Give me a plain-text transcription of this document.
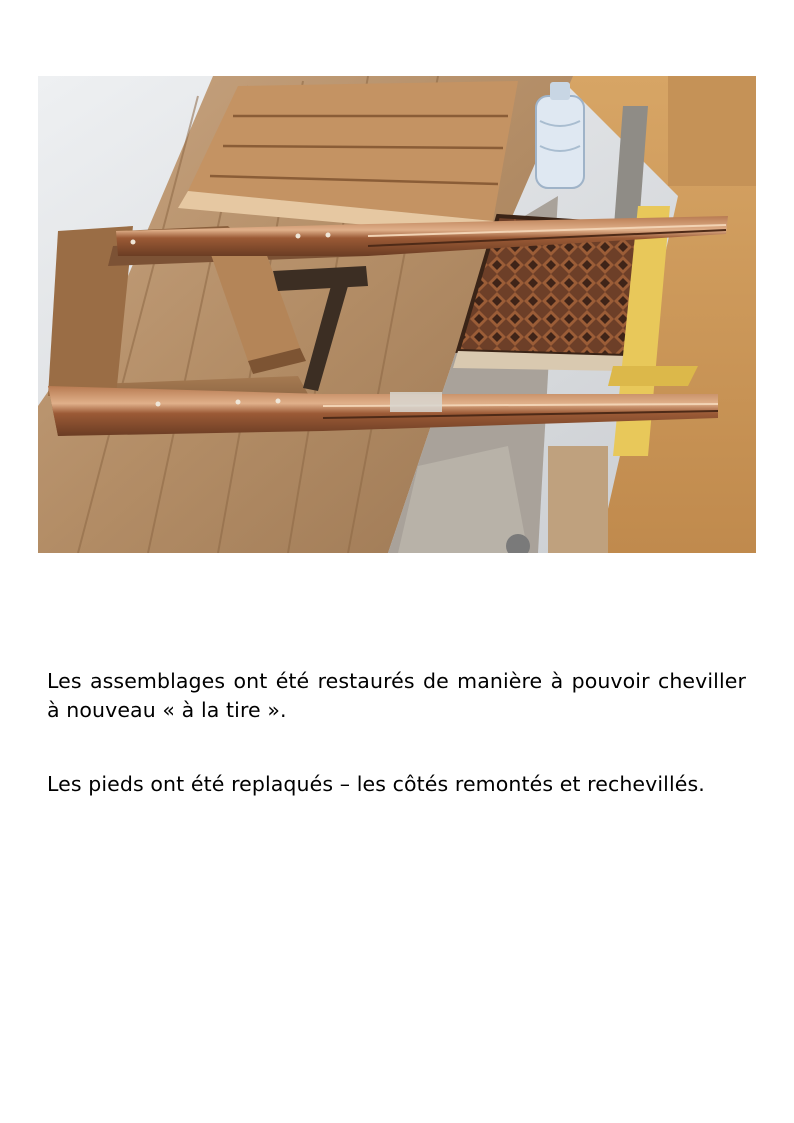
Les assemblages ont été restaurés de manière à pouvoir cheviller à nouveau « à la tire ».

Les pieds ont été replaqués – les côtés remontés et rechevillés.
